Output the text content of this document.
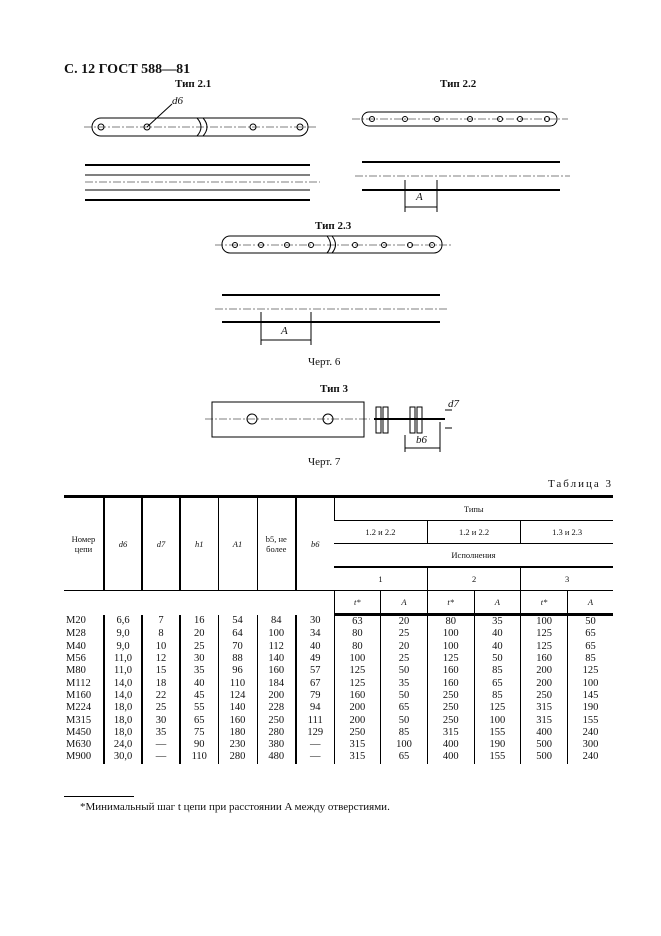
С. 12 ГОСТ 588—81
Тип 2.1	Тип 2.2
Тип 2.3
Тип 3
d6
d7
b6
A
A
Черт. 6
Черт. 7
Таблица 3
Номер цепи	d6	d7	h1	A1	b5, не более	b6	Типы					
							1.2 и 2.2		1.2 и 2.2		1.3 и 2.3	
							Исполнения					
							1		2		3	
							t*	A	t*	A	t*	A
M20	6,6	7	16	54	84	30	63	20	80	35	100	50
M28	9,0	8	20	64	100	34	80	25	100	40	125	65
M40	9,0	10	25	70	112	40	80	20	100	40	125	65
M56	11,0	12	30	88	140	49	100	25	125	50	160	85
M80	11,0	15	35	96	160	57	125	50	160	85	200	125
M112	14,0	18	40	110	184	67	125	35	160	65	200	100
M160	14,0	22	45	124	200	79	160	50	250	85	250	145
M224	18,0	25	55	140	228	94	200	65	250	125	315	190
M315	18,0	30	65	160	250	111	200	50	250	100	315	155
M450	18,0	35	75	180	280	129	250	85	315	155	400	240
M630	24,0	—	90	230	380	—	315	100	400	190	500	300
M900	30,0	—	110	280	480	—	315	65	400	155	500	240
*Минимальный шаг t цепи при расстоянии A между отверстиями.
